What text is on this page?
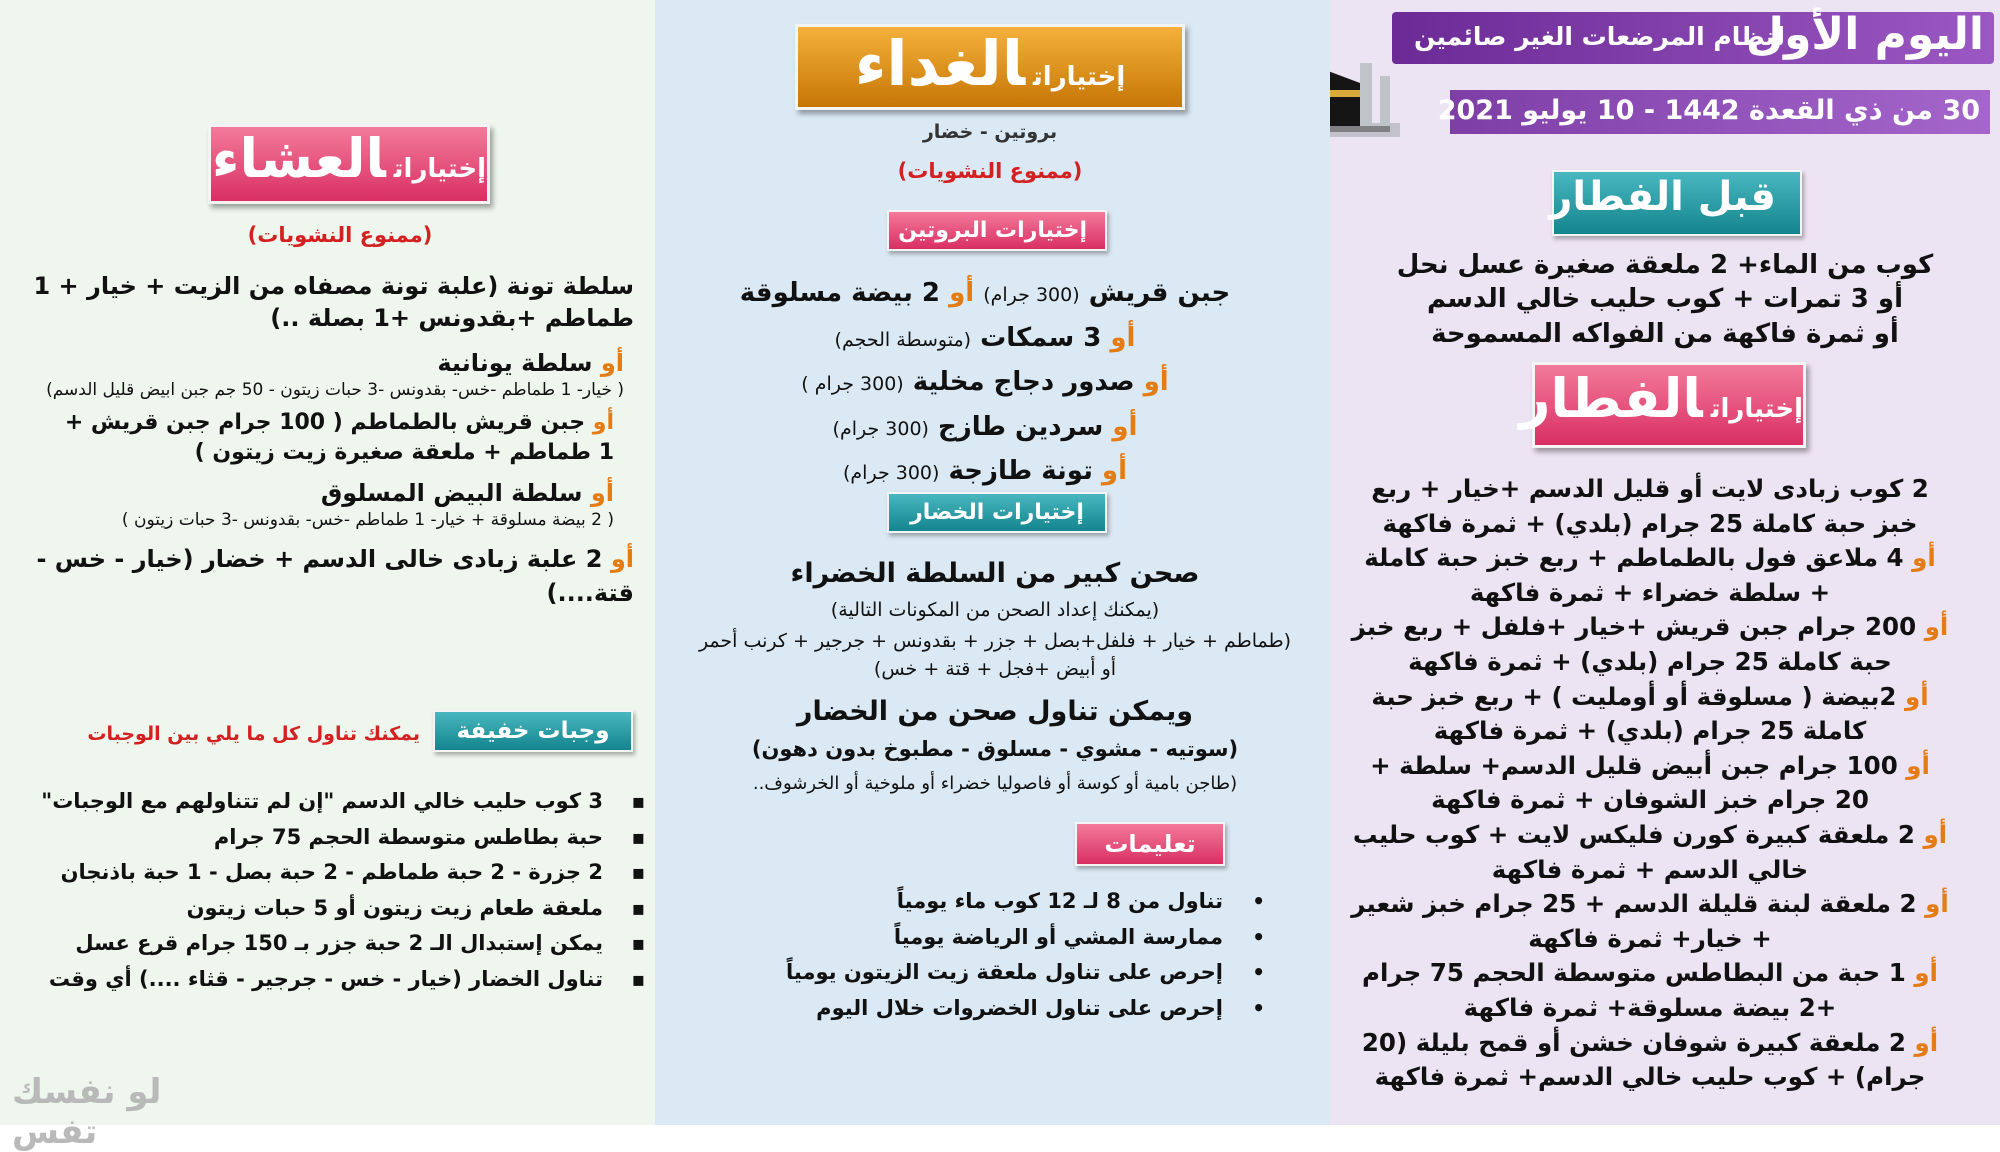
لنظام المرضعات الغير صائمين
اليوم الأول
30 من ذي القعدة 1442 - 10 يوليو 2021
قبل الفطار
كوب من الماء+ 2 ملعقة صغيرة عسل نحل
أو 3 تمرات + كوب حليب خالي الدسم
أو ثمرة فاكهة من الفواكه المسموحة
إختياراتالفطار
2 كوب زبادى لايت أو قليل الدسم +خيار + ربع خبز حبة كاملة 25 جرام (بلدي) + ثمرة فاكهة
أو 4 ملاعق فول بالطماطم + ربع خبز حبة كاملة + سلطة خضراء + ثمرة فاكهة
أو 200 جرام جبن قريش +خيار +فلفل + ربع خبز حبة كاملة 25 جرام (بلدي) + ثمرة فاكهة
أو 2بيضة ( مسلوقة أو أومليت ) + ربع خبز حبة كاملة 25 جرام (بلدي) + ثمرة فاكهة
أو 100 جرام جبن أبيض قليل الدسم+ سلطة + 20 جرام خبز الشوفان + ثمرة فاكهة
أو 2 ملعقة كبيرة كورن فليكس لايت + كوب حليب خالي الدسم + ثمرة فاكهة
أو 2 ملعقة لبنة قليلة الدسم + 25 جرام خبز شعير + خيار+ ثمرة فاكهة
أو 1 حبة من البطاطس متوسطة الحجم 75 جرام +2 بيضة مسلوقة+ ثمرة فاكهة
أو 2 ملعقة كبيرة شوفان خشن أو قمح بليلة (20 جرام) + كوب حليب خالي الدسم+ ثمرة فاكهة
إختياراتالغداء
بروتين - خضار
(ممنوع النشويات)
إختيارات البروتين
جبن قريش (300 جرام) أو 2 بيضة مسلوقة
أو 3 سمكات (متوسطة الحجم)
أو صدور دجاج مخلية (300 جرام )
أو سردين طازج (300 جرام)
أو تونة طازجة (300 جرام)
إختيارات الخضار
صحن كبير من السلطة الخضراء
(يمكنك إعداد الصحن من المكونات التالية)
(طماطم + خيار + فلفل+بصل + جزر + بقدونس + جرجير + كرنب أحمر أو أبيض +فجل + قتة + خس)
ويمكن تناول صحن من الخضار
(سوتيه - مشوي - مسلوق - مطبوخ بدون دهون)
(طاجن بامية أو كوسة أو فاصوليا خضراء أو ملوخية أو الخرشوف..
تعليمات
•
تناول من 8 لـ 12 كوب ماء يومياً
•
ممارسة المشي أو الرياضة يومياً
•
إحرص على تناول ملعقة زيت الزيتون يومياً
•
إحرص على تناول الخضروات خلال اليوم
إختياراتالعشاء
(ممنوع النشويات)
سلطة تونة (علبة تونة مصفاه من الزيت + خيار + 1 طماطم +بقدونس +1 بصلة ..)
أو سلطة يونانية
( خيار- 1 طماطم -خس- بقدونس -3 حبات زيتون - 50 جم جبن ابيض قليل الدسم)
أو جبن قريش بالطماطم ( 100 جرام جبن قريش + 1 طماطم + ملعقة صغيرة زيت زيتون )
أو سلطة البيض المسلوق
( 2 بيضة مسلوقة + خيار- 1 طماطم -خس- بقدونس -3 حبات زيتون )
أو 2 علبة زبادى خالى الدسم + خضار (خيار - خس - قتة....)
وجبات خفيفة
يمكنك تناول كل ما يلي بين الوجبات
▪
3 كوب حليب خالي الدسم "إن لم تتناولهم مع الوجبات"
▪
حبة بطاطس متوسطة الحجم 75 جرام
▪
2 جزرة - 2 حبة طماطم - 2 حبة بصل - 1 حبة باذنجان
▪
ملعقة طعام زيت زيتون أو 5 حبات زيتون
▪
يمكن إستبدال الـ 2 حبة جزر بـ 150 جرام قرع عسل
▪
تناول الخضار (خيار - خس - جرجير - قثاء ....) أي وقت
لو نفسك تفس
